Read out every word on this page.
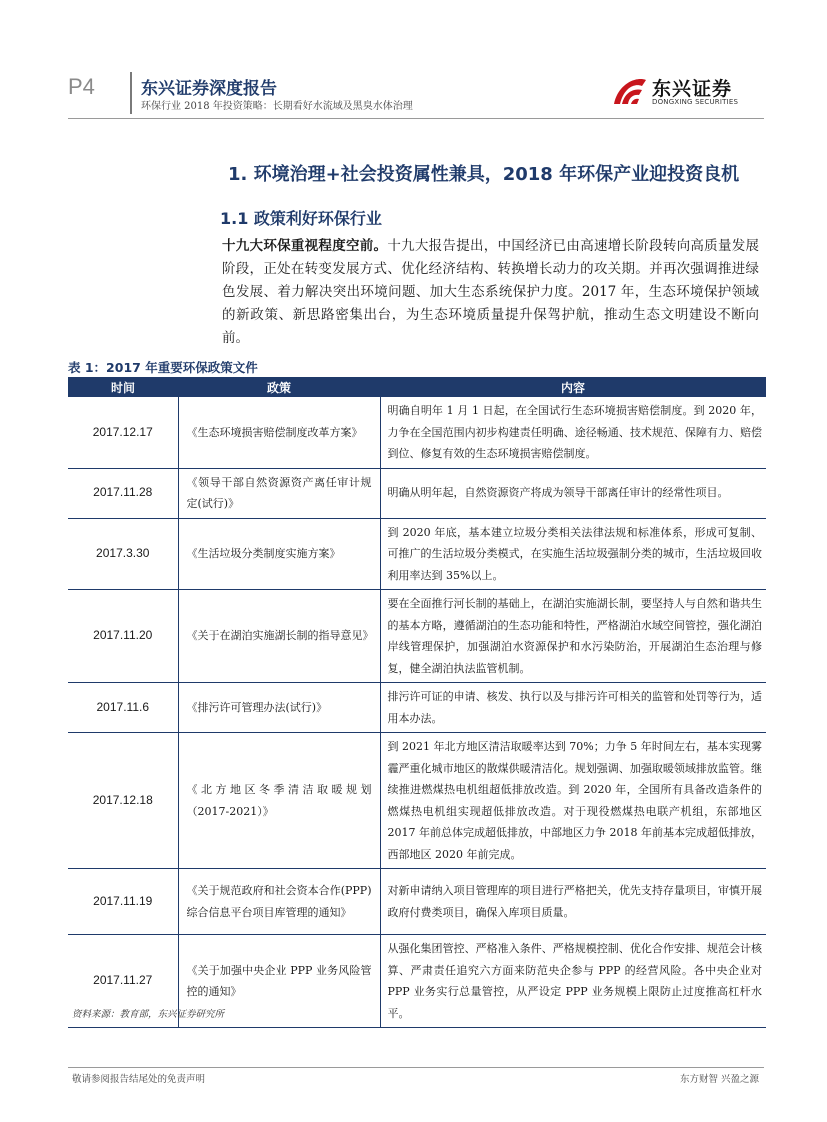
P4	东兴证券深度报告
环保行业 2018 年投资策略：长期看好水流域及黑臭水体治理
东兴证券
DONGXING SECURITIES
1. 环境治理+社会投资属性兼具，2018 年环保产业迎投资良机
1.1 政策利好环保行业
十九大环保重视程度空前。十九大报告提出，中国经济已由高速增长阶段转向高质量发展阶段，正处在转变发展方式、优化经济结构、转换增长动力的攻关期。并再次强调推进绿色发展、着力解决突出环境问题、加大生态系统保护力度。2017 年，生态环境保护领域的新政策、新思路密集出台，为生态环境质量提升保驾护航，推动生态文明建设不断向前。
表 1：2017 年重要环保政策文件
时间	政策	内容
2017.12.17	《生态环境损害赔偿制度改革方案》	明确自明年 1 月 1 日起，在全国试行生态环境损害赔偿制度。到 2020 年，力争在全国范围内初步构建责任明确、途径畅通、技术规范、保障有力、赔偿到位、修复有效的生态环境损害赔偿制度。
2017.11.28	《领导干部自然资源资产离任审计规定(试行)》	明确从明年起，自然资源资产将成为领导干部离任审计的经常性项目。
2017.3.30	《生活垃圾分类制度实施方案》	到 2020 年底，基本建立垃圾分类相关法律法规和标准体系，形成可复制、可推广的生活垃圾分类模式，在实施生活垃圾强制分类的城市，生活垃圾回收利用率达到 35%以上。
2017.11.20	《关于在湖泊实施湖长制的指导意见》	要在全面推行河长制的基础上，在湖泊实施湖长制，要坚持人与自然和谐共生的基本方略，遵循湖泊的生态功能和特性，严格湖泊水域空间管控，强化湖泊岸线管理保护，加强湖泊水资源保护和水污染防治，开展湖泊生态治理与修复，健全湖泊执法监管机制。
2017.11.6	《排污许可管理办法(试行)》	排污许可证的申请、核发、执行以及与排污许可相关的监管和处罚等行为，适用本办法。
2017.12.18	《北方地区冬季清洁取暖规划（2017-2021）》	到 2021 年北方地区清洁取暖率达到 70%；力争 5 年时间左右，基本实现雾霾严重化城市地区的散煤供暖清洁化。规划强调、加强取暖领域排放监管。继续推进燃煤热电机组超低排放改造。到 2020 年，全国所有具备改造条件的燃煤热电机组实现超低排放改造。对于现役燃煤热电联产机组，东部地区 2017 年前总体完成超低排放，中部地区力争 2018 年前基本完成超低排放，西部地区 2020 年前完成。
2017.11.19	《关于规范政府和社会资本合作(PPP)综合信息平台项目库管理的通知》	对新申请纳入项目管理库的项目进行严格把关，优先支持存量项目，审慎开展政府付费类项目，确保入库项目质量。
2017.11.27	《关于加强中央企业 PPP 业务风险管控的通知》	从强化集团管控、严格准入条件、严格规模控制、优化合作安排、规范会计核算、严肃责任追究六方面来防范央企参与 PPP 的经营风险。各中央企业对 PPP 业务实行总量管控，从严设定 PPP 业务规模上限防止过度推高杠杆水平。
资料来源：教育部，东兴证券研究所
敬请参阅报告结尾处的免责声明	东方财智 兴盈之源
